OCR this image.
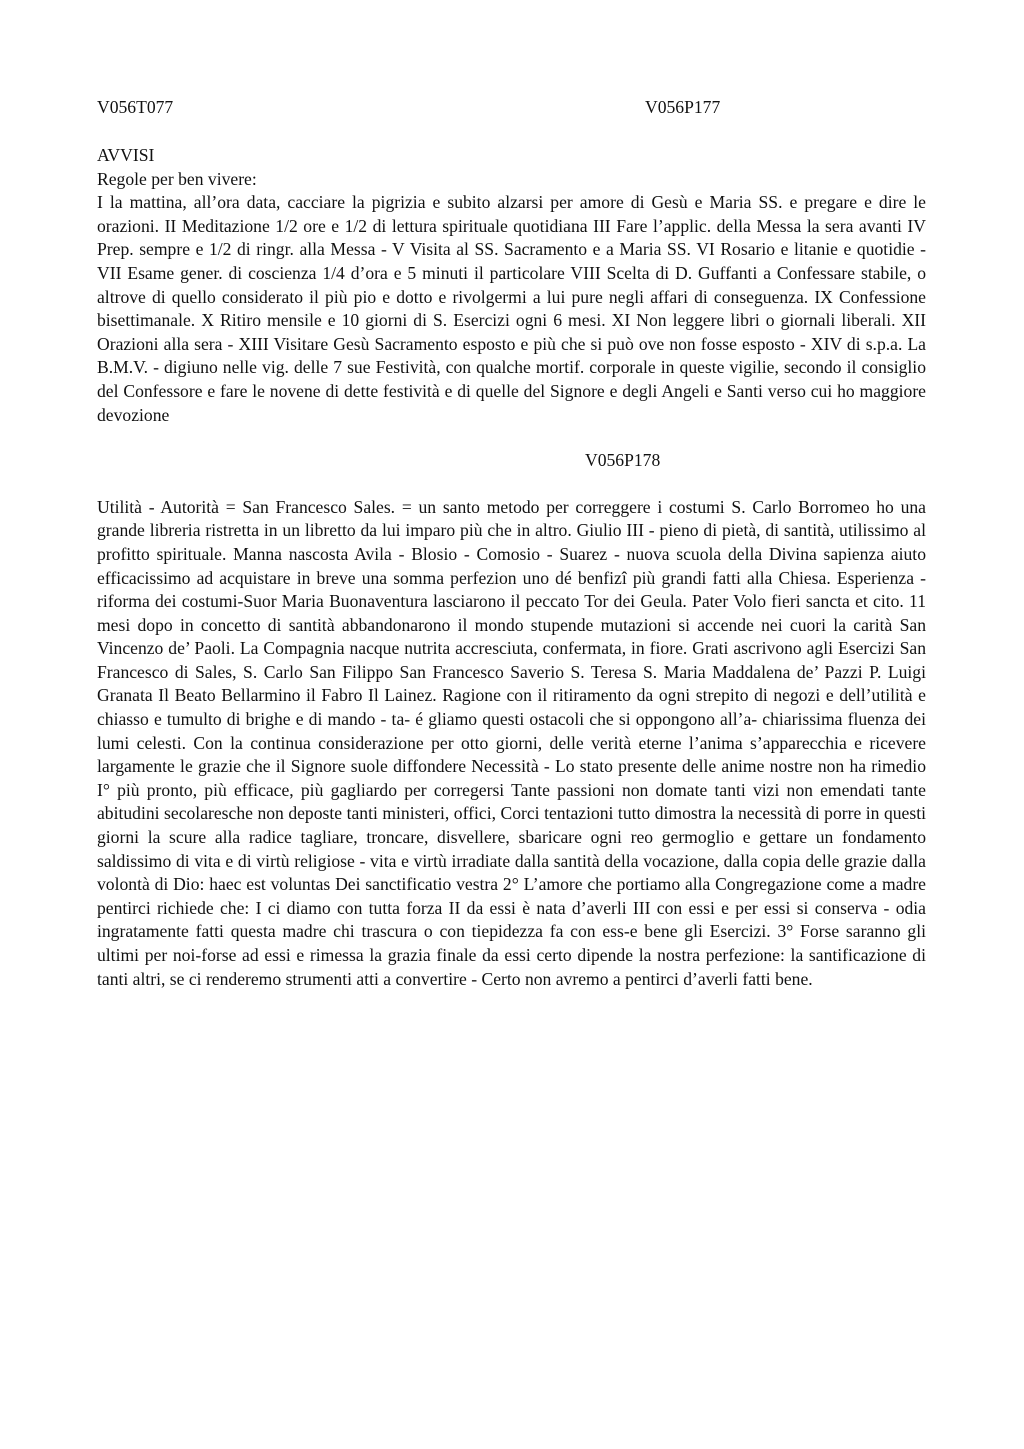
V056T077	V056P177
AVVISI
Regole per ben vivere:

I la mattina, all’ora data, cacciare la pigrizia e subito alzarsi per amore di Gesù e Maria SS. e pregare e dire le orazioni. II Meditazione 1/2 ore e 1/2 di lettura spirituale quotidiana III Fare l’applic. della Messa la sera avanti IV Prep. sempre e 1/2 di ringr. alla Messa - V Visita al SS. Sacramento e a Maria SS. VI Rosario e litanie e quotidie - VII Esame gener. di coscienza 1/4 d’ora e 5 minuti il particolare VIII Scelta di D. Guffanti a Confessare stabile, o altrove di quello considerato il più pio e dotto e rivolgermi a lui pure negli affari di conseguenza. IX Confessione bisettimanale. X Ritiro mensile e 10 giorni di S. Esercizi ogni 6 mesi. XI Non leggere libri o giornali liberali. XII Orazioni alla sera - XIII Visitare Gesù Sacramento esposto e più che si può ove non fosse esposto - XIV di s.p.a. La B.M.V. - digiuno nelle vig. delle 7 sue Festività, con qualche mortif. corporale in queste vigilie, secondo il consiglio del Confessore e fare le novene di dette festività e di quelle del Signore e degli Angeli e Santi verso cui ho maggiore devozione

V056P178

Utilità - Autorità = San Francesco Sales. = un santo metodo per correggere i costumi S. Carlo Borromeo ho una grande libreria ristretta in un libretto da lui imparo più che in altro. Giulio III - pieno di pietà, di santità, utilissimo al profitto spirituale. Manna nascosta Avila - Blosio - Comosio - Suarez - nuova scuola della Divina sapienza aiuto efficacissimo ad acquistare in breve una somma perfezion uno dé benfizî più grandi fatti alla Chiesa. Esperienza - riforma dei costumi-Suor Maria Buonaventura lasciarono il peccato Tor dei Geula. Pater Volo fieri sancta et cito. 11 mesi dopo in concetto di santità abbandonarono il mondo stupende mutazioni si accende nei cuori la carità San Vincenzo de’ Paoli. La Compagnia nacque nutrita accresciuta, confermata, in fiore. Grati ascrivono agli Esercizi San Francesco di Sales, S. Carlo San Filippo San Francesco Saverio S. Teresa S. Maria Maddalena de’ Pazzi P. Luigi Granata Il Beato Bellarmino il Fabro Il Lainez. Ragione con il ritiramento da ogni strepito di negozi e dell’utilità e chiasso e tumulto di brighe e di mando - ta- é gliamo questi ostacoli che si oppongono all’a- chiarissima fluenza dei lumi celesti. Con la continua considerazione per otto giorni, delle verità eterne l’anima s’apparecchia e ricevere largamente le grazie che il Signore suole diffondere Necessità - Lo stato presente delle anime nostre non ha rimedio I° più pronto, più efficace, più gagliardo per corregersi Tante passioni non domate tanti vizi non emendati tante abitudini secolaresche non deposte tanti ministeri, offici, Corci tentazioni tutto dimostra la necessità di porre in questi giorni la scure alla radice tagliare, troncare, disvellere, sbaricare ogni reo germoglio e gettare un fondamento saldissimo di vita e di virtù religiose - vita e virtù irradiate dalla santità della vocazione, dalla copia delle grazie dalla volontà di Dio: haec est voluntas Dei sanctificatio vestra 2° L’amore che portiamo alla Congregazione come a madre pentirci richiede che: I ci diamo con tutta forza II da essi è nata d’averli III con essi e per essi si conserva - odia ingratamente fatti questa madre chi trascura o con tiepidezza fa con ess-e bene gli Esercizi. 3° Forse saranno gli ultimi per noi-forse ad essi e rimessa la grazia finale da essi certo dipende la nostra perfezione: la santificazione di tanti altri, se ci renderemo strumenti atti a convertire - Certo non avremo a pentirci d’averli fatti bene.
